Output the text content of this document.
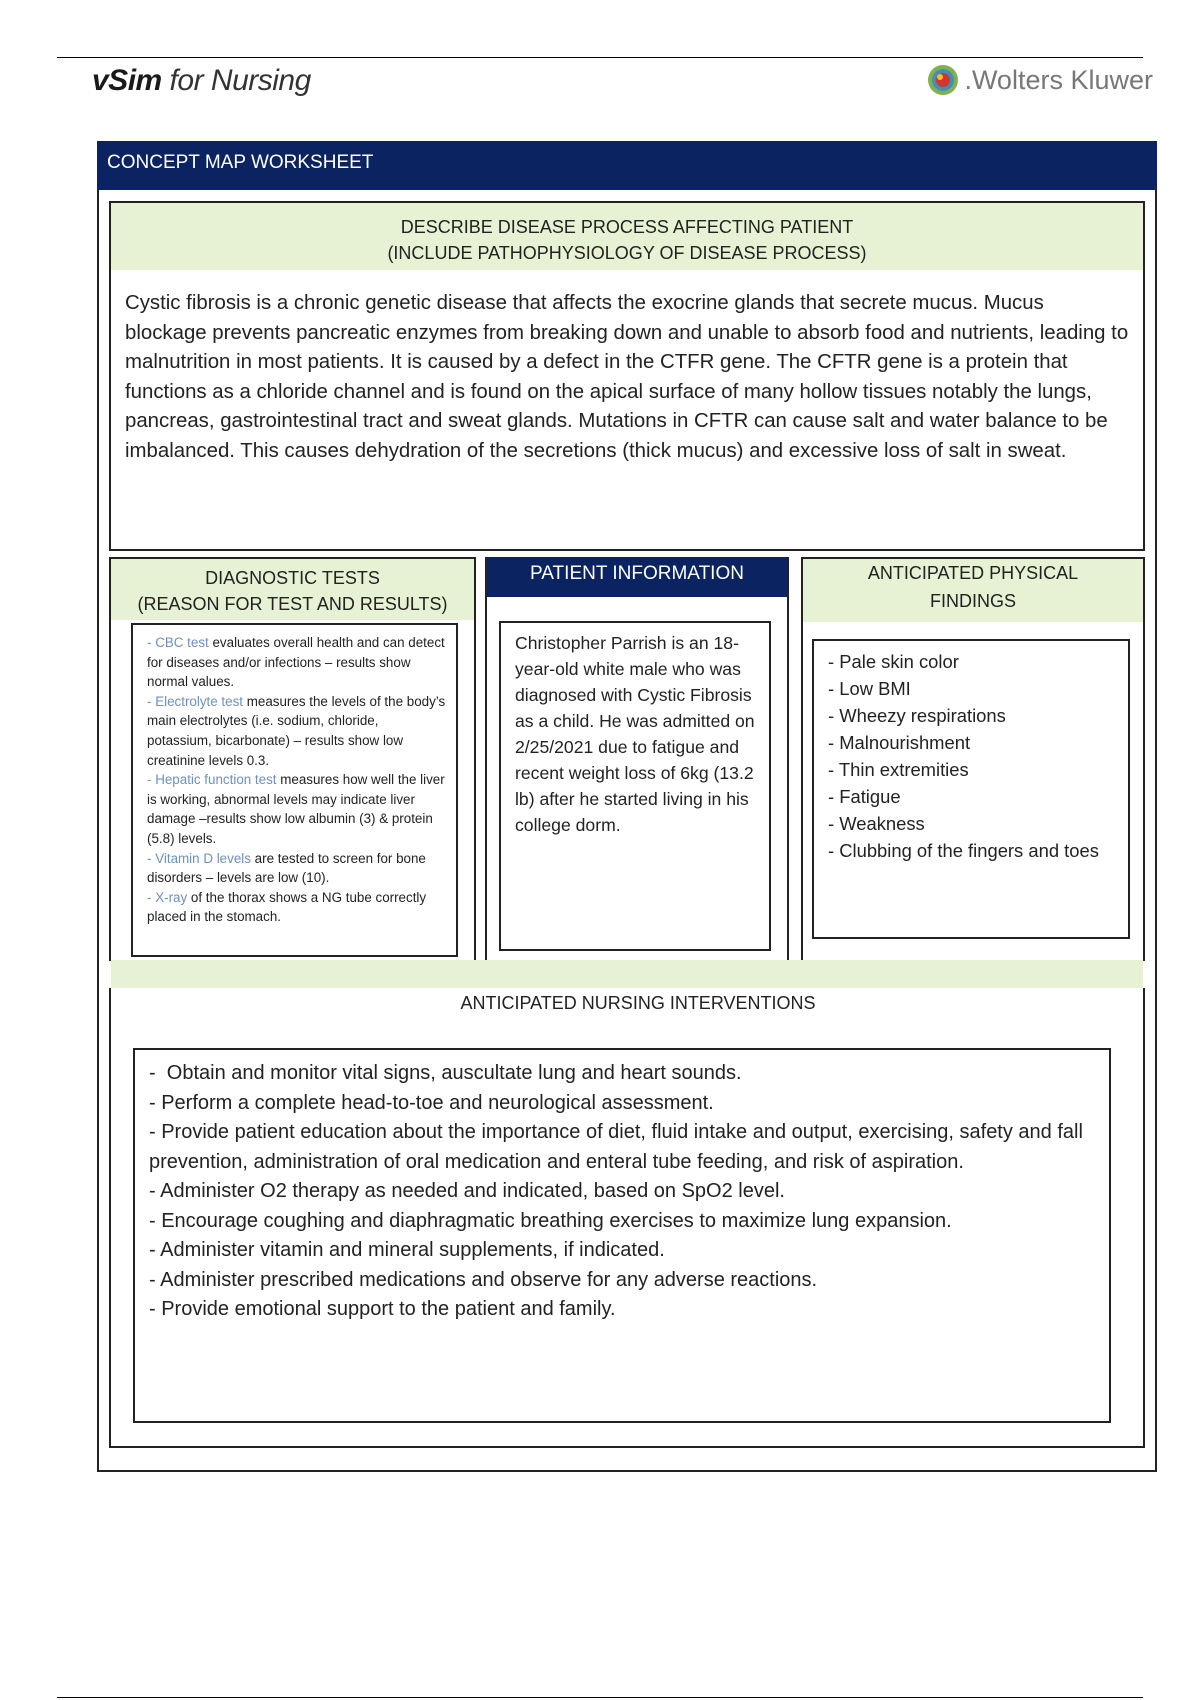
vSim for Nursing	.Wolters Kluwer
CONCEPT MAP WORKSHEET
DESCRIBE DISEASE PROCESS AFFECTING PATIENT
(INCLUDE PATHOPHYSIOLOGY OF DISEASE PROCESS)
Cystic fibrosis is a chronic genetic disease that affects the exocrine glands that secrete mucus. Mucus blockage prevents pancreatic enzymes from breaking down and unable to absorb food and nutrients, leading to malnutrition in most patients. It is caused by a defect in the CTFR gene. The CFTR gene is a protein that functions as a chloride channel and is found on the apical surface of many hollow tissues notably the lungs, pancreas, gastrointestinal tract and sweat glands. Mutations in CFTR can cause salt and water balance to be imbalanced. This causes dehydration of the secretions (thick mucus) and excessive loss of salt in sweat.
DIAGNOSTIC TESTS
(REASON FOR TEST AND RESULTS)
- CBC test evaluates overall health and can detect for diseases and/or infections – results show normal values.
- Electrolyte test measures the levels of the body’s main electrolytes (i.e. sodium, chloride, potassium, bicarbonate) – results show low creatinine levels 0.3.
- Hepatic function test measures how well the liver is working, abnormal levels may indicate liver damage –results show low albumin (3) & protein (5.8) levels.
- Vitamin D levels are tested to screen for bone disorders – levels are low (10).
- X-ray of the thorax shows a NG tube correctly placed in the stomach.
PATIENT INFORMATION
Christopher Parrish is an 18-year-old white male who was diagnosed with Cystic Fibrosis as a child. He was admitted on 2/25/2021 due to fatigue and recent weight loss of 6kg (13.2 lb) after he started living in his college dorm.
ANTICIPATED PHYSICAL
FINDINGS
- Pale skin color
- Low BMI
- Wheezy respirations
- Malnourishment
- Thin extremities
- Fatigue
- Weakness
- Clubbing of the fingers and toes
ANTICIPATED NURSING INTERVENTIONS
-  Obtain and monitor vital signs, auscultate lung and heart sounds.
- Perform a complete head-to-toe and neurological assessment.
- Provide patient education about the importance of diet, fluid intake and output, exercising, safety and fall prevention, administration of oral medication and enteral tube feeding, and risk of aspiration.
- Administer O2 therapy as needed and indicated, based on SpO2 level.
- Encourage coughing and diaphragmatic breathing exercises to maximize lung expansion.
- Administer vitamin and mineral supplements, if indicated.
- Administer prescribed medications and observe for any adverse reactions.
- Provide emotional support to the patient and family.
